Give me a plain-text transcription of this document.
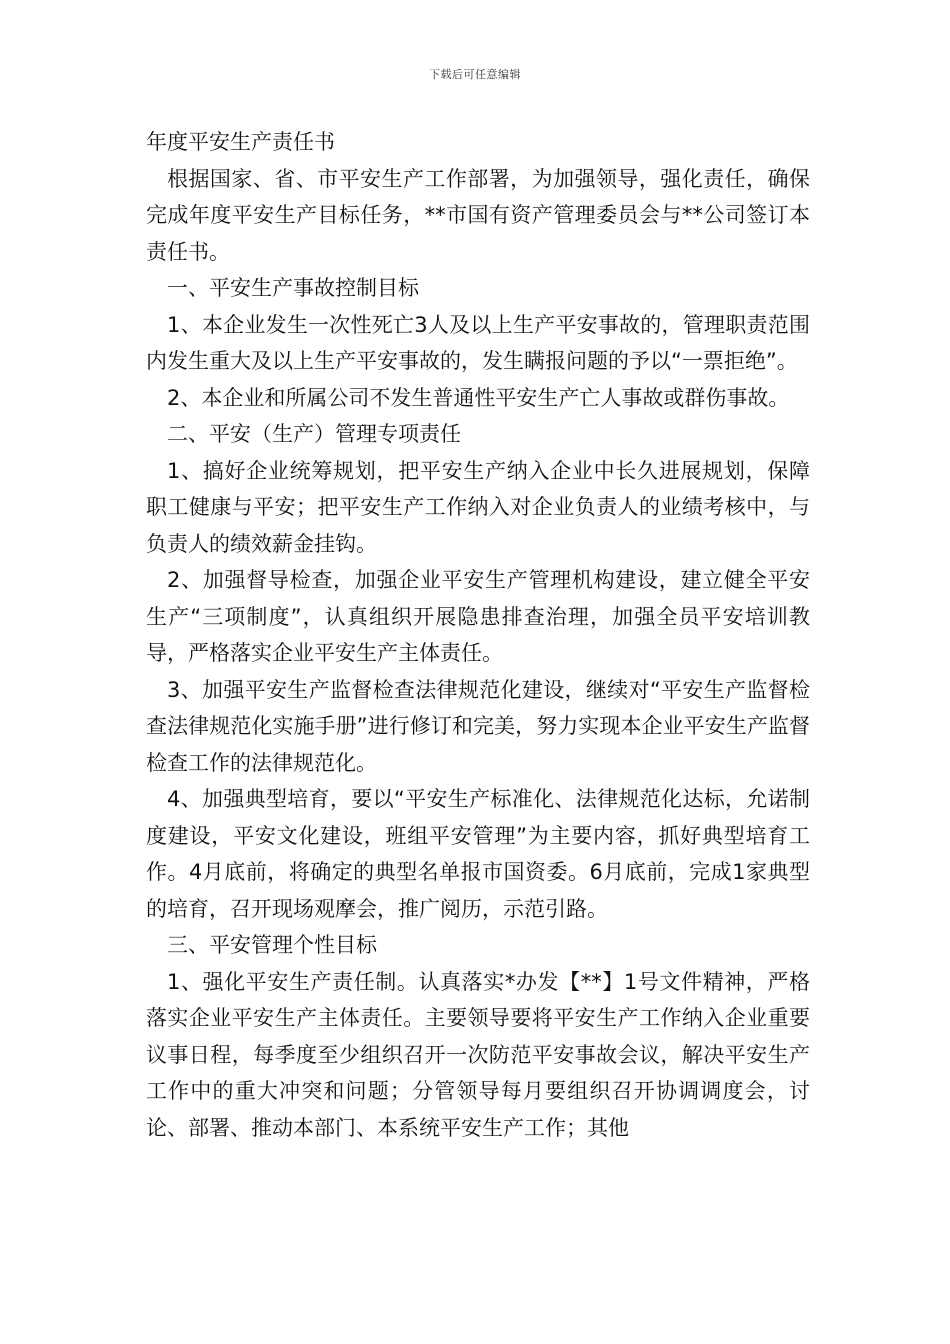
下载后可任意编辑
年度平安生产责任书

根据国家、省、市平安生产工作部署，为加强领导，强化责任，确保完成年度平安生产目标任务，**市国有资产管理委员会与**公司签订本责任书。

一、平安生产事故控制目标

1、本企业发生一次性死亡3人及以上生产平安事故的，管理职责范围内发生重大及以上生产平安事故的，发生瞒报问题的予以“一票拒绝”。

2、本企业和所属公司不发生普通性平安生产亡人事故或群伤事故。

二、平安（生产）管理专项责任

1、搞好企业统筹规划，把平安生产纳入企业中长久进展规划，保障职工健康与平安；把平安生产工作纳入对企业负责人的业绩考核中，与负责人的绩效薪金挂钩。

2、加强督导检查，加强企业平安生产管理机构建设，建立健全平安生产“三项制度”，认真组织开展隐患排查治理，加强全员平安培训教导，严格落实企业平安生产主体责任。

3、加强平安生产监督检查法律规范化建设，继续对“平安生产监督检查法律规范化实施手册”进行修订和完美，努力实现本企业平安生产监督检查工作的法律规范化。

4、加强典型培育，要以“平安生产标准化、法律规范化达标，允诺制度建设，平安文化建设，班组平安管理”为主要内容，抓好典型培育工作。4月底前，将确定的典型名单报市国资委。6月底前，完成1家典型的培育，召开现场观摩会，推广阅历，示范引路。

三、平安管理个性目标

1、强化平安生产责任制。认真落实*办发【**】1号文件精神，严格落实企业平安生产主体责任。主要领导要将平安生产工作纳入企业重要议事日程，每季度至少组织召开一次防范平安事故会议，解决平安生产工作中的重大冲突和问题；分管领导每月要组织召开协调调度会，讨论、部署、推动本部门、本系统平安生产工作；其他
